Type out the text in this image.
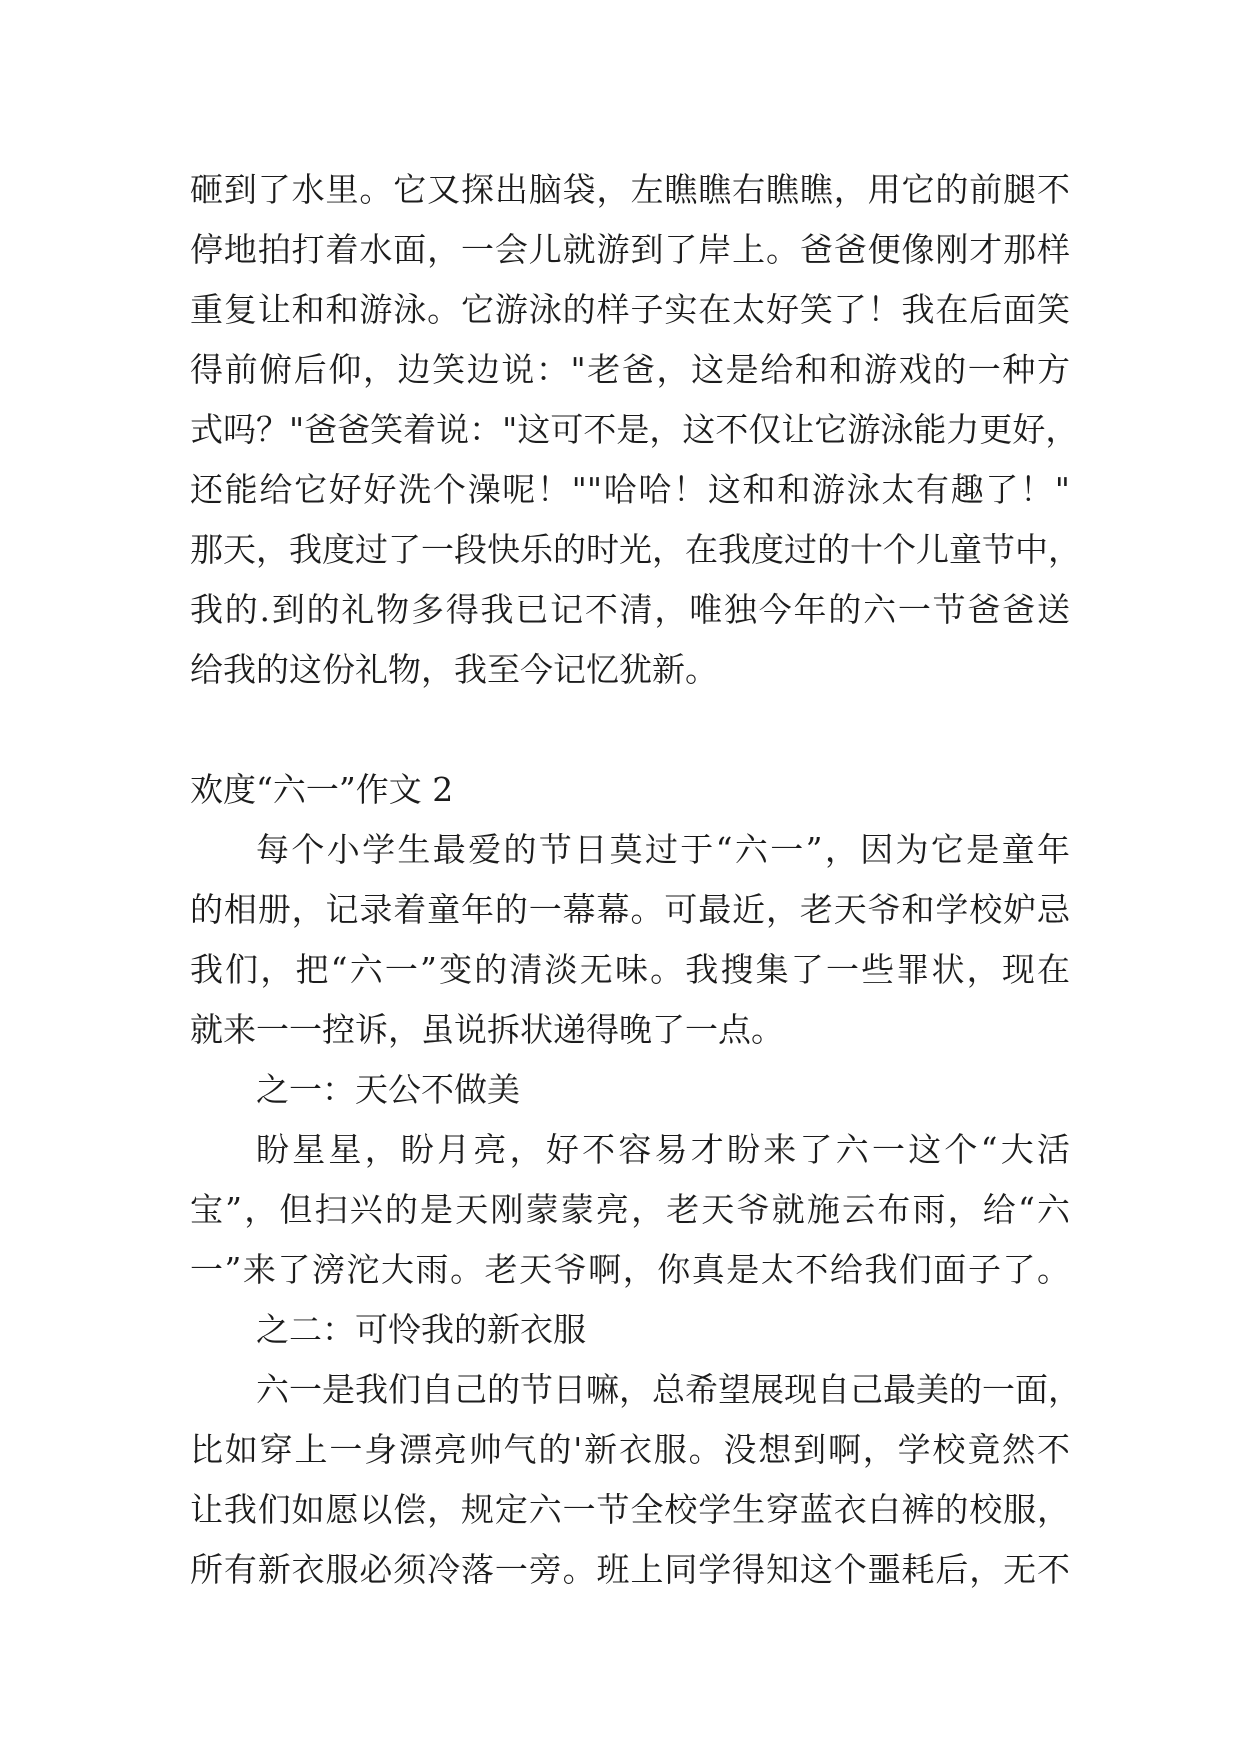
砸到了水里。它又探出脑袋，左瞧瞧右瞧瞧，用它的前腿不
停地拍打着水面，一会儿就游到了岸上。爸爸便像刚才那样
重复让和和游泳。它游泳的样子实在太好笑了！我在后面笑
得前俯后仰，边笑边说："老爸，这是给和和游戏的一种方
式吗？"爸爸笑着说："这可不是，这不仅让它游泳能力更好，
还能给它好好洗个澡呢！""哈哈！这和和游泳太有趣了！"
那天，我度过了一段快乐的时光，在我度过的十个儿童节中，
我的.到的礼物多得我已记不清，唯独今年的六一节爸爸送
给我的这份礼物，我至今记忆犹新。
欢度“六一”作文 2
每个小学生最爱的节日莫过于“六一”，因为它是童年
的相册，记录着童年的一幕幕。可最近，老天爷和学校妒忌
我们，把“六一”变的清淡无味。我搜集了一些罪状，现在
就来一一控诉，虽说拆状递得晚了一点。
之一：天公不做美
盼星星，盼月亮，好不容易才盼来了六一这个“大活
宝”，但扫兴的是天刚蒙蒙亮，老天爷就施云布雨，给“六
一”来了滂沱大雨。老天爷啊，你真是太不给我们面子了。
之二：可怜我的新衣服
六一是我们自己的节日嘛，总希望展现自己最美的一面，
比如穿上一身漂亮帅气的'新衣服。没想到啊，学校竟然不
让我们如愿以偿，规定六一节全校学生穿蓝衣白裤的校服，
所有新衣服必须冷落一旁。班上同学得知这个噩耗后，无不
